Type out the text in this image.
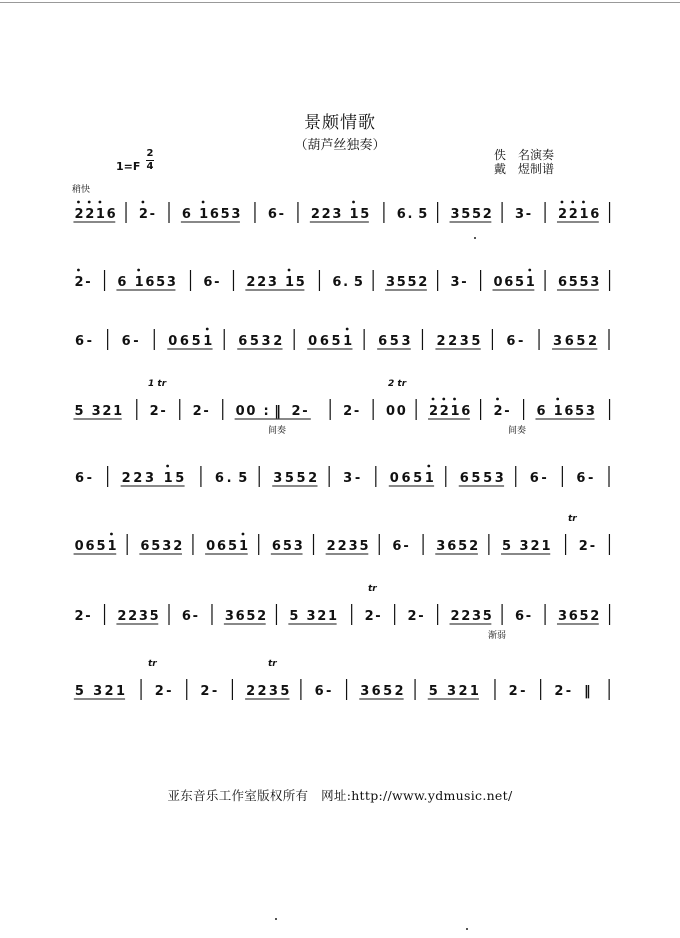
景颇情歌
（葫芦丝独奏）
佚　名演奏
戴　煜制谱
1=F
2
4
稍快
2 2 1 6 2 - 6 1 6 5 3 6 - 2 2 3 1 5 6 . 5 3 5 5 2 3 - 2 2 1 6
2 - 6 1 6 5 3 6 - 2 2 3 1 5 6 . 5 3 5 5 2 3 - 0 6 5 1 6 5 5 3
6 - 6 - 0 6 5 1 6 5 3 2 0 6 5 1 6 5 3 2 2 3 5 6 - 3 6 5 2
5 3 2 1 2 - 2 - 0 0 : ‖ 2 -	2 - 0 0 2 2 1 6 2 - 6 1 6 5 3
1 tr
间奏
2 tr
间奏
6 - 2 2 3 1 5 6 . 5 3 5 5 2 3 - 0 6 5 1 6 5 5 3 6 - 6 -
0 6 5 1 6 5 3 2 0 6 5 1 6 5 3 2 2 3 5 6 - 3 6 5 2 5 3 2 1 2 -
tr
2 - 2 2 3 5 6 - 3 6 5 2 5 3 2 1 2 - 2 - 2 2 3 5 6 - 3 6 5 2
tr
渐弱
5 3 2 1 2 - 2 - 2 2 3 5 6 - 3 6 5 2 5 3 2 1 2 - 2 - ‖
tr	tr
亚东音乐工作室版权所有　网址:http://www.ydmusic.net/
